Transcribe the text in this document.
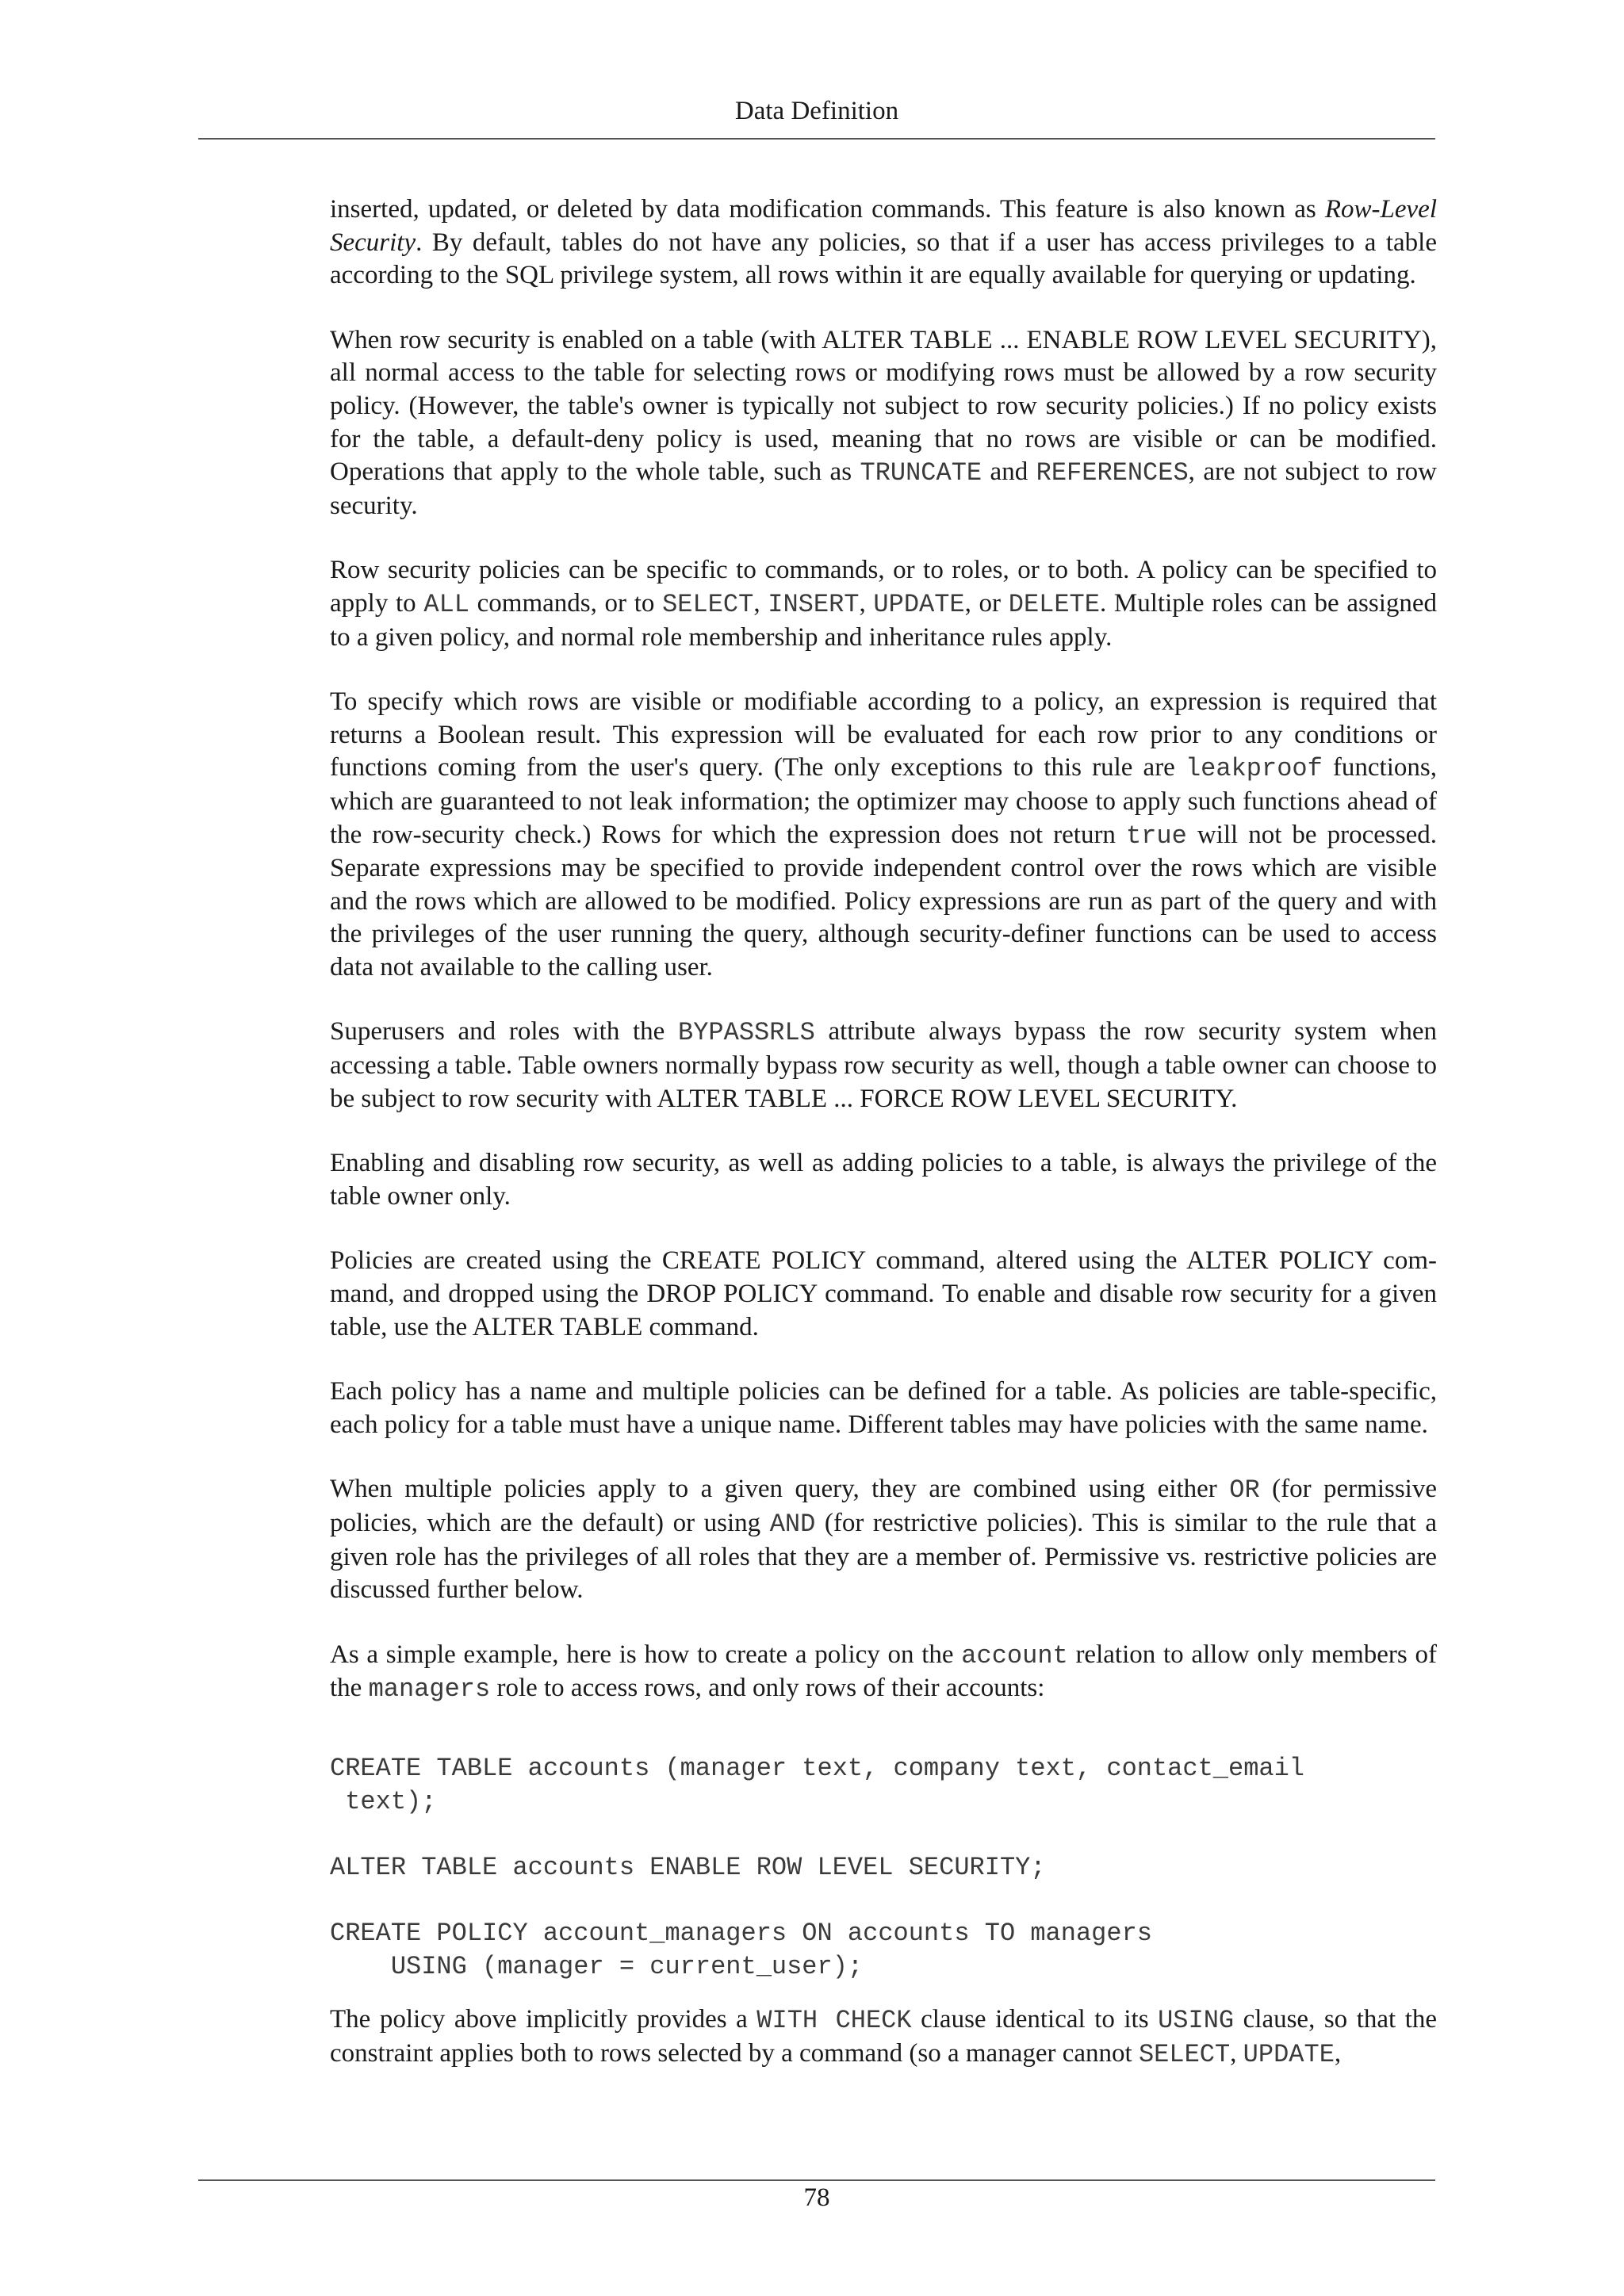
Data Definition

inserted, updated, or deleted by data modification commands. This feature is also known as Row-Level Security. By default, tables do not have any policies, so that if a user has access privileges to a table according to the SQL privilege system, all rows within it are equally available for querying or updating.

When row security is enabled on a table (with ALTER TABLE ... ENABLE ROW LEVEL SECURITY), all normal access to the table for selecting rows or modifying rows must be allowed by a row security policy. (However, the table's owner is typically not subject to row security policies.) If no policy exists for the table, a default-deny policy is used, meaning that no rows are visible or can be modified. Operations that apply to the whole table, such as TRUNCATE and REFERENCES, are not subject to row security.

Row security policies can be specific to commands, or to roles, or to both. A policy can be specified to apply to ALL commands, or to SELECT, INSERT, UPDATE, or DELETE. Multiple roles can be assigned to a given policy, and normal role membership and inheritance rules apply.

To specify which rows are visible or modifiable according to a policy, an expression is required that returns a Boolean result. This expression will be evaluated for each row prior to any conditions or functions coming from the user's query. (The only exceptions to this rule are leakproof functions, which are guaranteed to not leak information; the optimizer may choose to apply such functions ahead of the row-security check.) Rows for which the expression does not return true will not be processed. Separate expressions may be specified to provide independent control over the rows which are visible and the rows which are allowed to be modified. Policy expressions are run as part of the query and with the privileges of the user running the query, although security-definer functions can be used to access data not available to the calling user.

Superusers and roles with the BYPASSRLS attribute always bypass the row security system when accessing a table. Table owners normally bypass row security as well, though a table owner can choose to be subject to row security with ALTER TABLE ... FORCE ROW LEVEL SECURITY.

Enabling and disabling row security, as well as adding policies to a table, is always the privilege of the table owner only.

Policies are created using the CREATE POLICY command, altered using the ALTER POLICY command, and dropped using the DROP POLICY command. To enable and disable row security for a given table, use the ALTER TABLE command.

Each policy has a name and multiple policies can be defined for a table. As policies are table-specific, each policy for a table must have a unique name. Different tables may have policies with the same name.

When multiple policies apply to a given query, they are combined using either OR (for permissive policies, which are the default) or using AND (for restrictive policies). This is similar to the rule that a given role has the privileges of all roles that they are a member of. Permissive vs. restrictive policies are discussed further below.

As a simple example, here is how to create a policy on the account relation to allow only members of the managers role to access rows, and only rows of their accounts:

CREATE TABLE accounts (manager text, company text, contact_email
text);
ALTER TABLE accounts ENABLE ROW LEVEL SECURITY;
CREATE POLICY account_managers ON accounts TO managers
USING (manager = current_user);

The policy above implicitly provides a WITH CHECK clause identical to its USING clause, so that the constraint applies both to rows selected by a command (so a manager cannot SELECT, UPDATE,

78
